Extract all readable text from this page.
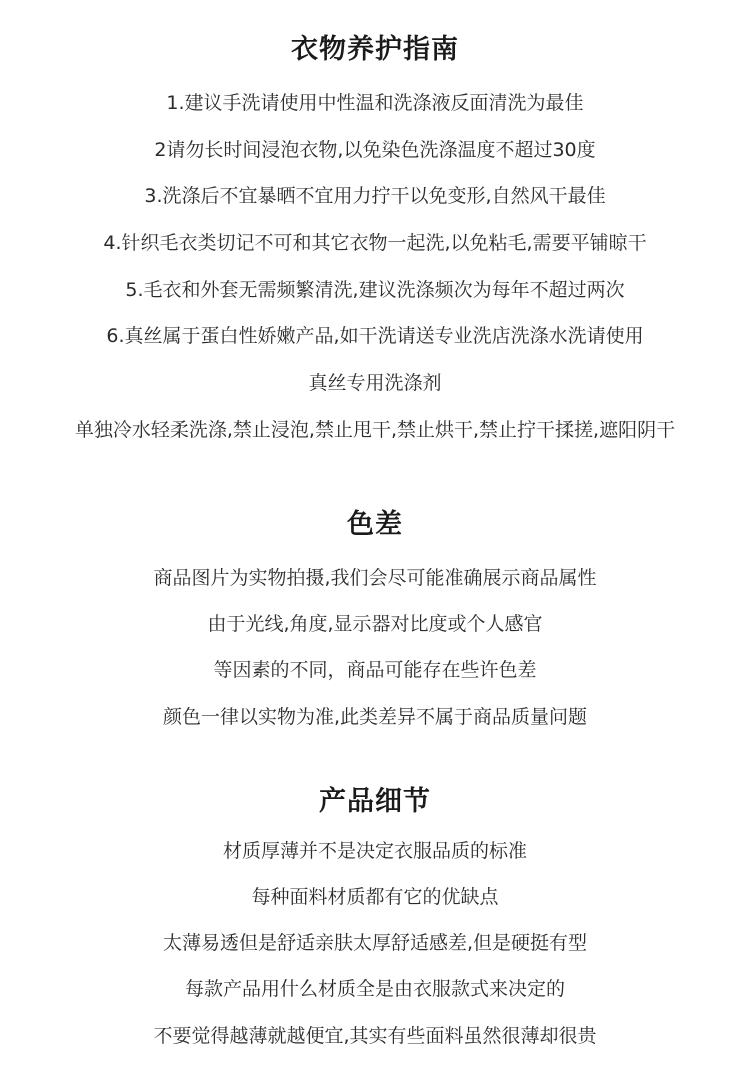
衣物养护指南
1.建议手洗请使用中性温和洗涤液反面清洗为最佳
2请勿长时间浸泡衣物,以免染色洗涤温度不超过30度
3.洗涤后不宜暴晒不宜用力拧干以免变形,自然风干最佳
4.针织毛衣类切记不可和其它衣物一起洗,以免粘毛,需要平铺晾干
5.毛衣和外套无需频繁清洗,建议洗涤频次为每年不超过两次
6.真丝属于蛋白性娇嫩产品,如干洗请送专业洗店洗涤水洗请使用
真丝专用洗涤剂
单独冷水轻柔洗涤,禁止浸泡,禁止甩干,禁止烘干,禁止拧干揉搓,遮阳阴干
色差
商品图片为实物拍摄,我们会尽可能准确展示商品属性
由于光线,角度,显示器对比度或个人感官
等因素的不同，商品可能存在些许色差
颜色一律以实物为准,此类差异不属于商品质量问题
产品细节
材质厚薄并不是决定衣服品质的标准
每种面料材质都有它的优缺点
太薄易透但是舒适亲肤太厚舒适感差,但是硬挺有型
每款产品用什么材质全是由衣服款式来决定的
不要觉得越薄就越便宜,其实有些面料虽然很薄却很贵
